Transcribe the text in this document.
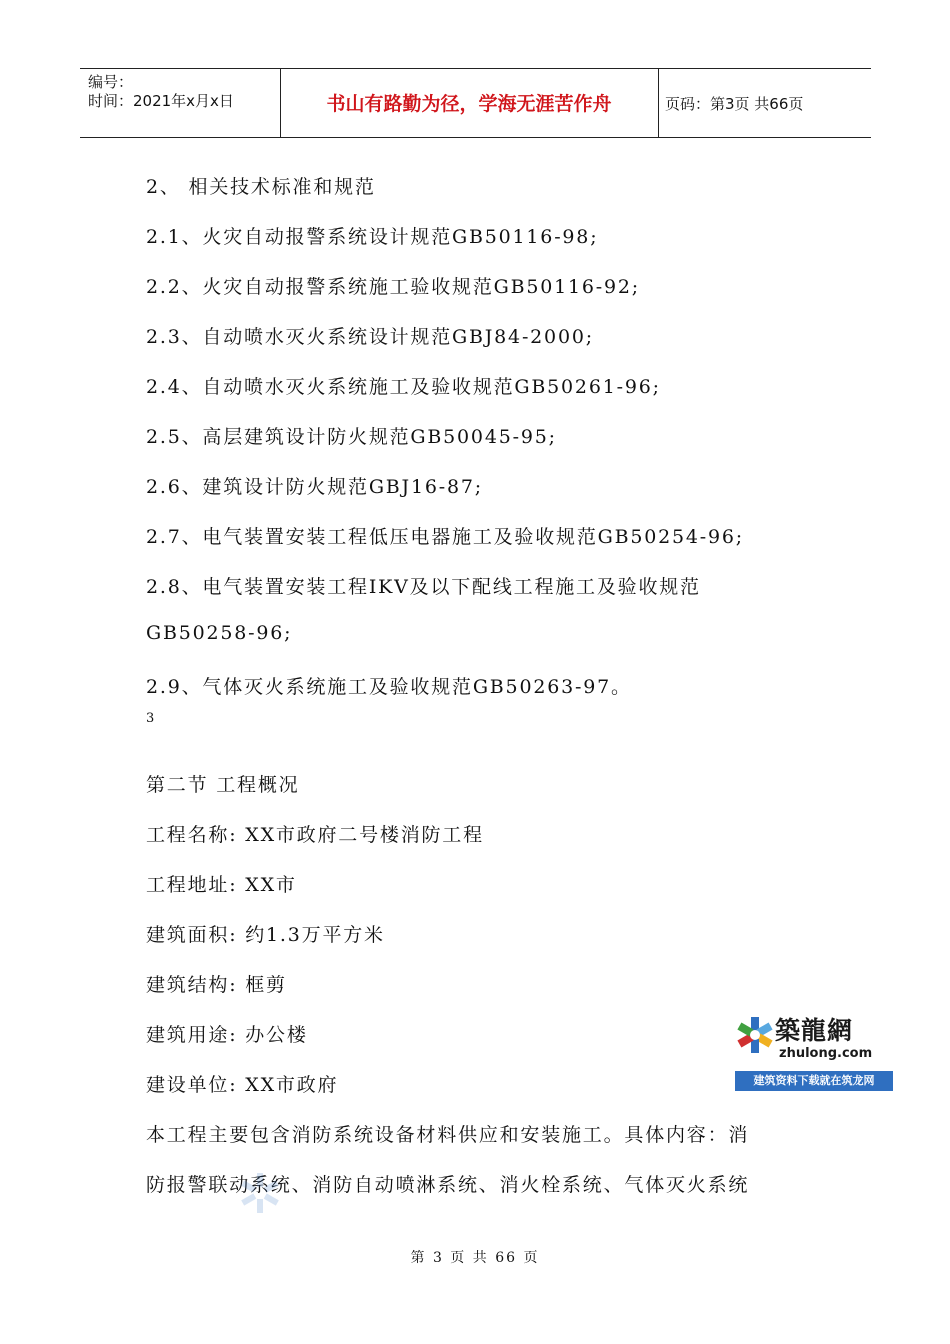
编号：
时间：2021年x月x日	书山有路勤为径，学海无涯苦作舟	页码：第3页 共66页
2、 相关技术标准和规范
2.1、火灾自动报警系统设计规范GB50116-98;
2.2、火灾自动报警系统施工验收规范GB50116-92;
2.3、自动喷水灭火系统设计规范GBJ84-2000;
2.4、自动喷水灭火系统施工及验收规范GB50261-96;
2.5、高层建筑设计防火规范GB50045-95;
2.6、建筑设计防火规范GBJ16-87;
2.7、电气装置安装工程低压电器施工及验收规范GB50254-96;
2.8、电气装置安装工程IKV及以下配线工程施工及验收规范
GB50258-96;
2.9、气体灭火系统施工及验收规范GB50263-97。
3
第二节 工程概况
工程名称: XX市政府二号楼消防工程
工程地址: XX市
建筑面积: 约1.3万平方米
建筑结构: 框剪
建筑用途: 办公楼
建设单位: XX市政府
本工程主要包含消防系统设备材料供应和安装施工。具体内容：消
防报警联动系统、消防自动喷淋系统、消火栓系统、气体灭火系统
築龍網
zhulong.com
建筑资料下载就在筑龙网
第 3 页 共 66 页
